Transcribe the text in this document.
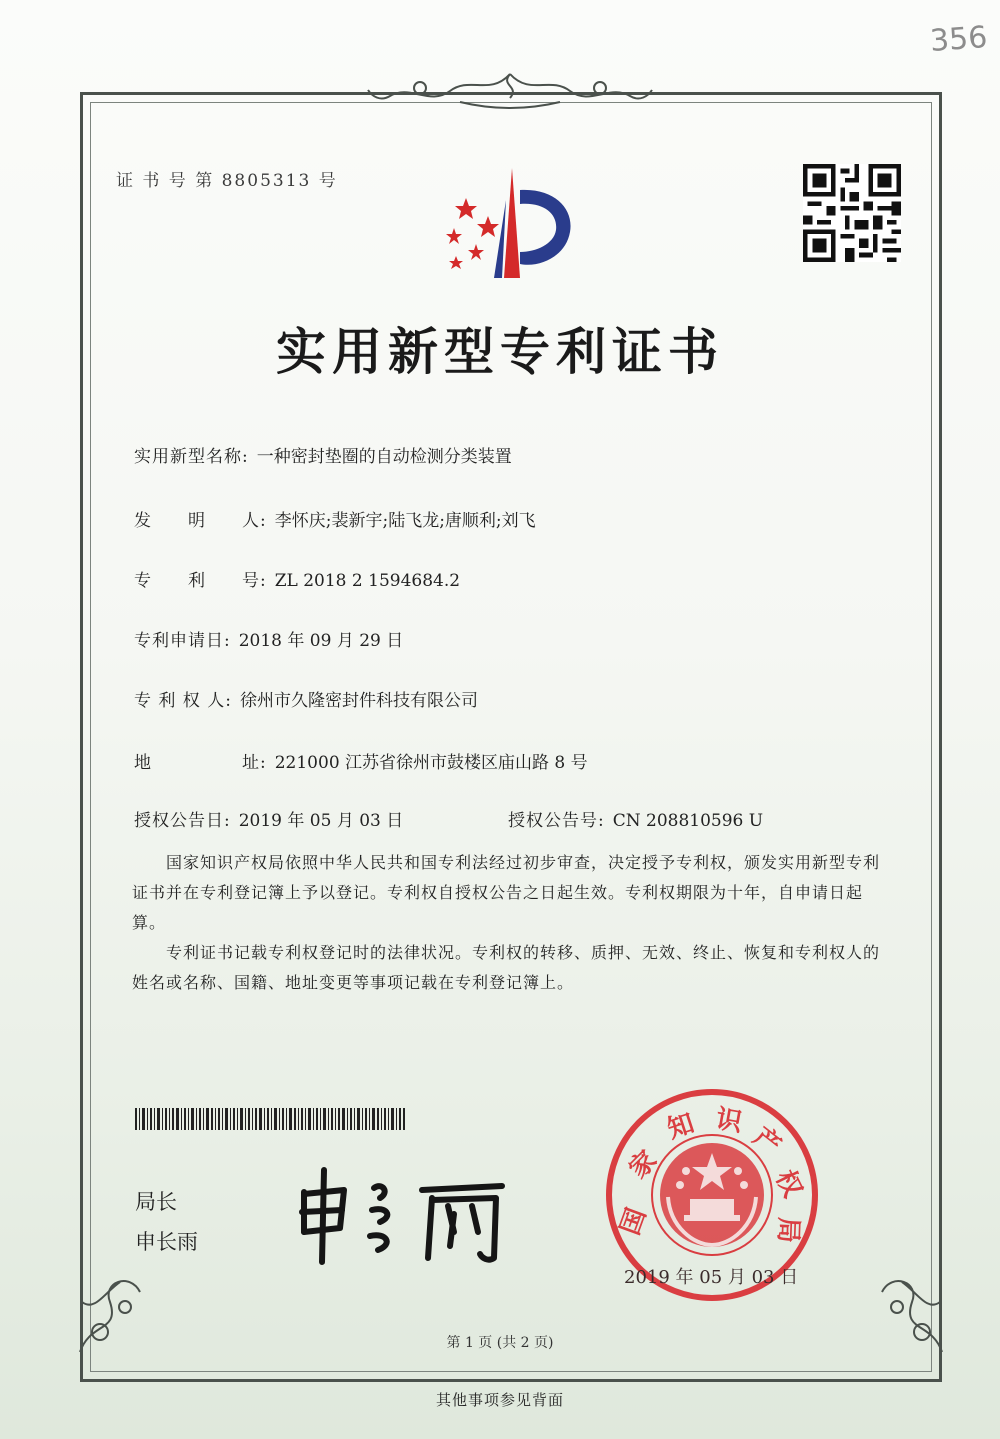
356
证 书 号 第 8805313 号
实用新型专利证书
实用新型名称: 一种密封垫圈的自动检测分类装置
发　　明　　人: 李怀庆;裴新宇;陆飞龙;唐顺利;刘飞
专　　利　　号: ZL 2018 2 1594684.2
专利申请日: 2018 年 09 月 29 日
专 利 权 人: 徐州市久隆密封件科技有限公司
地　　　　　址: 221000 江苏省徐州市鼓楼区庙山路 8 号
授权公告日: 2019 年 05 月 03 日	授权公告号: CN 208810596 U
国家知识产权局依照中华人民共和国专利法经过初步审查，决定授予专利权，颁发实用新型专利证书并在专利登记簿上予以登记。专利权自授权公告之日起生效。专利权期限为十年，自申请日起算。
专利证书记载专利权登记时的法律状况。专利权的转移、质押、无效、终止、恢复和专利权人的姓名或名称、国籍、地址变更等事项记载在专利登记簿上。
局长
申长雨
国
家
知 识
产
权
局
2019 年 05 月 03 日
第 1 页 (共 2 页)
其他事项参见背面
